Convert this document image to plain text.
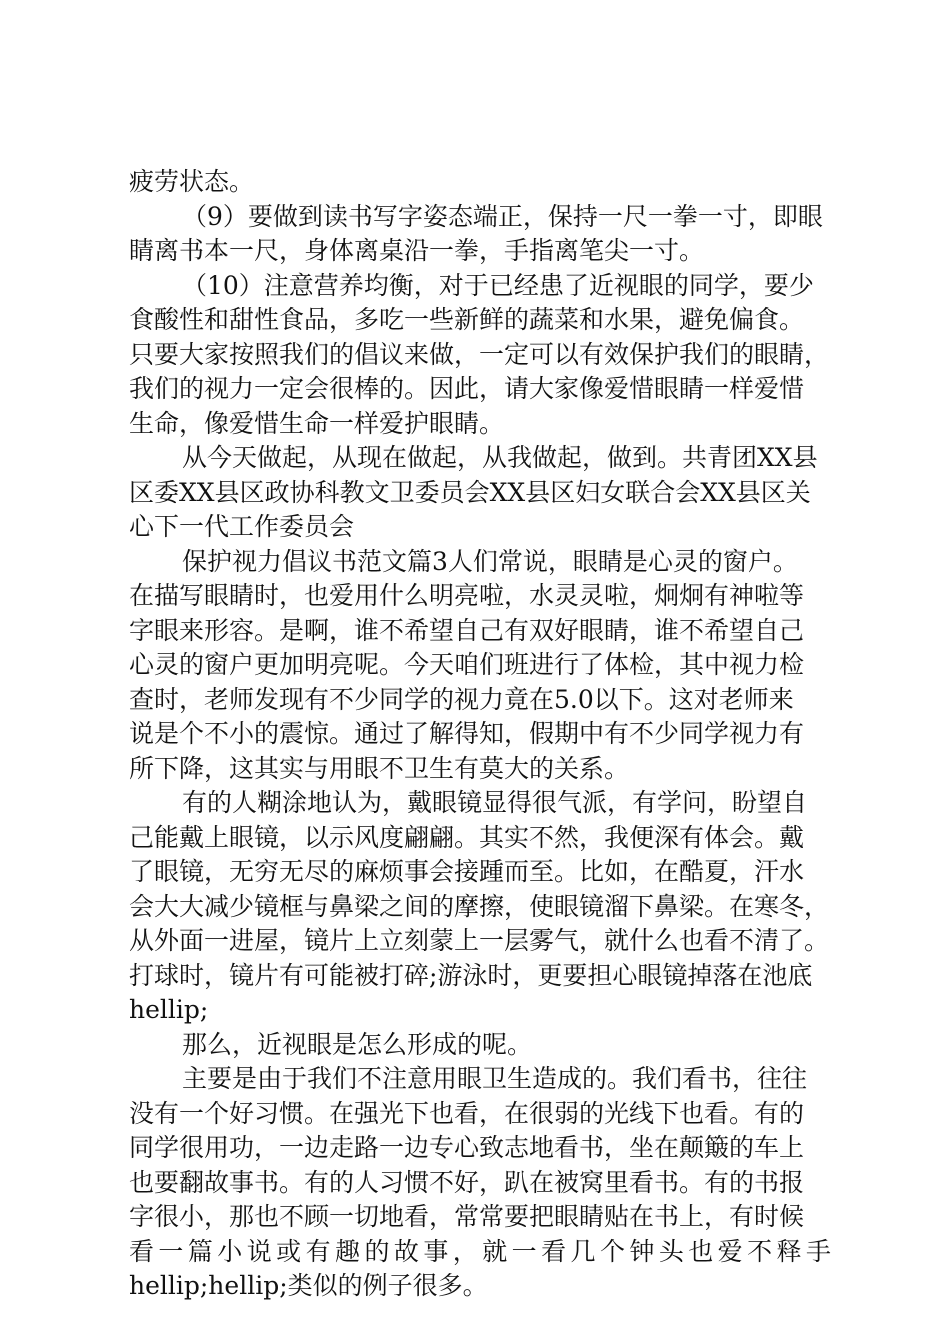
疲劳状态。
（9）要做到读书写字姿态端正，保持一尺一拳一寸，即眼
睛离书本一尺，身体离桌沿一拳，手指离笔尖一寸。
（10）注意营养均衡，对于已经患了近视眼的同学，要少
食酸性和甜性食品，多吃一些新鲜的蔬菜和水果，避免偏食。
只要大家按照我们的倡议来做，一定可以有效保护我们的眼睛，
我们的视力一定会很棒的。因此，请大家像爱惜眼睛一样爱惜
生命，像爱惜生命一样爱护眼睛。
从今天做起，从现在做起，从我做起，做到。共青团XX县
区委XX县区政协科教文卫委员会XX县区妇女联合会XX县区关
心下一代工作委员会
保护视力倡议书范文篇3人们常说，眼睛是心灵的窗户。
在描写眼睛时，也爱用什么明亮啦，水灵灵啦，炯炯有神啦等
字眼来形容。是啊，谁不希望自己有双好眼睛，谁不希望自己
心灵的窗户更加明亮呢。今天咱们班进行了体检，其中视力检
查时，老师发现有不少同学的视力竟在5.0以下。这对老师来
说是个不小的震惊。通过了解得知，假期中有不少同学视力有
所下降，这其实与用眼不卫生有莫大的关系。
有的人糊涂地认为，戴眼镜显得很气派，有学问，盼望自
己能戴上眼镜，以示风度翩翩。其实不然，我便深有体会。戴
了眼镜，无穷无尽的麻烦事会接踵而至。比如，在酷夏，汗水
会大大减少镜框与鼻梁之间的摩擦，使眼镜溜下鼻梁。在寒冬，
从外面一进屋，镜片上立刻蒙上一层雾气，就什么也看不清了。
打球时，镜片有可能被打碎;游泳时，更要担心眼镜掉落在池底
hellip;
那么，近视眼是怎么形成的呢。
主要是由于我们不注意用眼卫生造成的。我们看书，往往
没有一个好习惯。在强光下也看，在很弱的光线下也看。有的
同学很用功，一边走路一边专心致志地看书，坐在颠簸的车上
也要翻故事书。有的人习惯不好，趴在被窝里看书。有的书报
字很小，那也不顾一切地看，常常要把眼睛贴在书上，有时候
看一篇小说或有趣的故事，就一看几个钟头也爱不释手
hellip;hellip;类似的例子很多。
